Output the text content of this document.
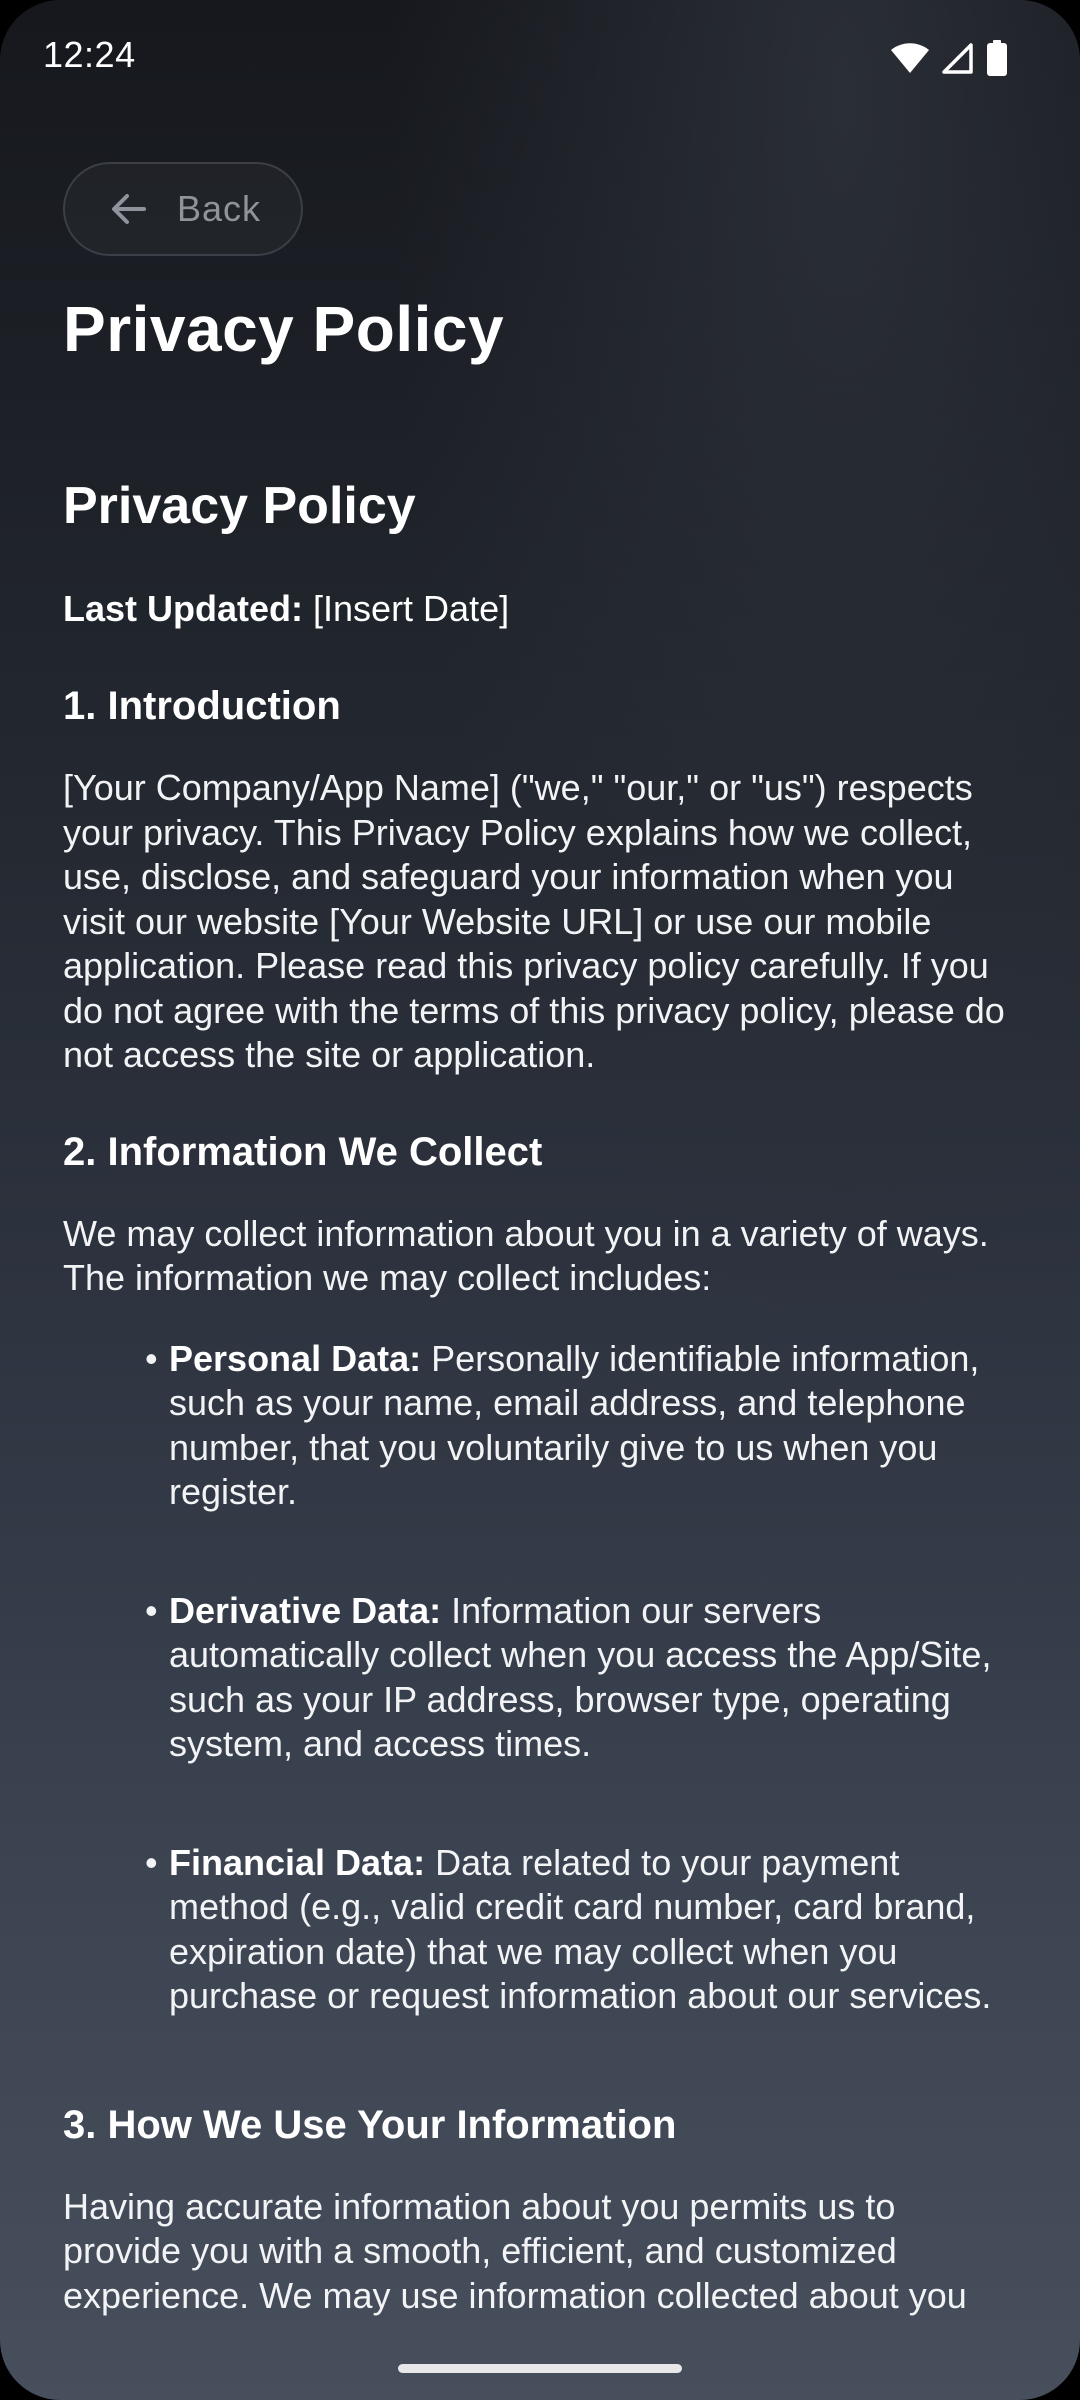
12:24
Back
Privacy Policy
Privacy Policy

Last Updated: [Insert Date]

1. Introduction

[Your Company/App Name] ("we," "our," or "us") respects your privacy. This Privacy Policy explains how we collect, use, disclose, and safeguard your information when you visit our website [Your Website URL] or use our mobile application. Please read this privacy policy carefully. If you do not agree with the terms of this privacy policy, please do not access the site or application.

2. Information We Collect

We may collect information about you in a variety of ways. The information we may collect includes:

• Personal Data: Personally identifiable information, such as your name, email address, and telephone number, that you voluntarily give to us when you register.
• Derivative Data: Information our servers automatically collect when you access the App/Site, such as your IP address, browser type, operating system, and access times.
• Financial Data: Data related to your payment method (e.g., valid credit card number, card brand, expiration date) that we may collect when you purchase or request information about our services.
3. How We Use Your Information

Having accurate information about you permits us to provide you with a smooth, efficient, and customized experience. We may use information collected about you
